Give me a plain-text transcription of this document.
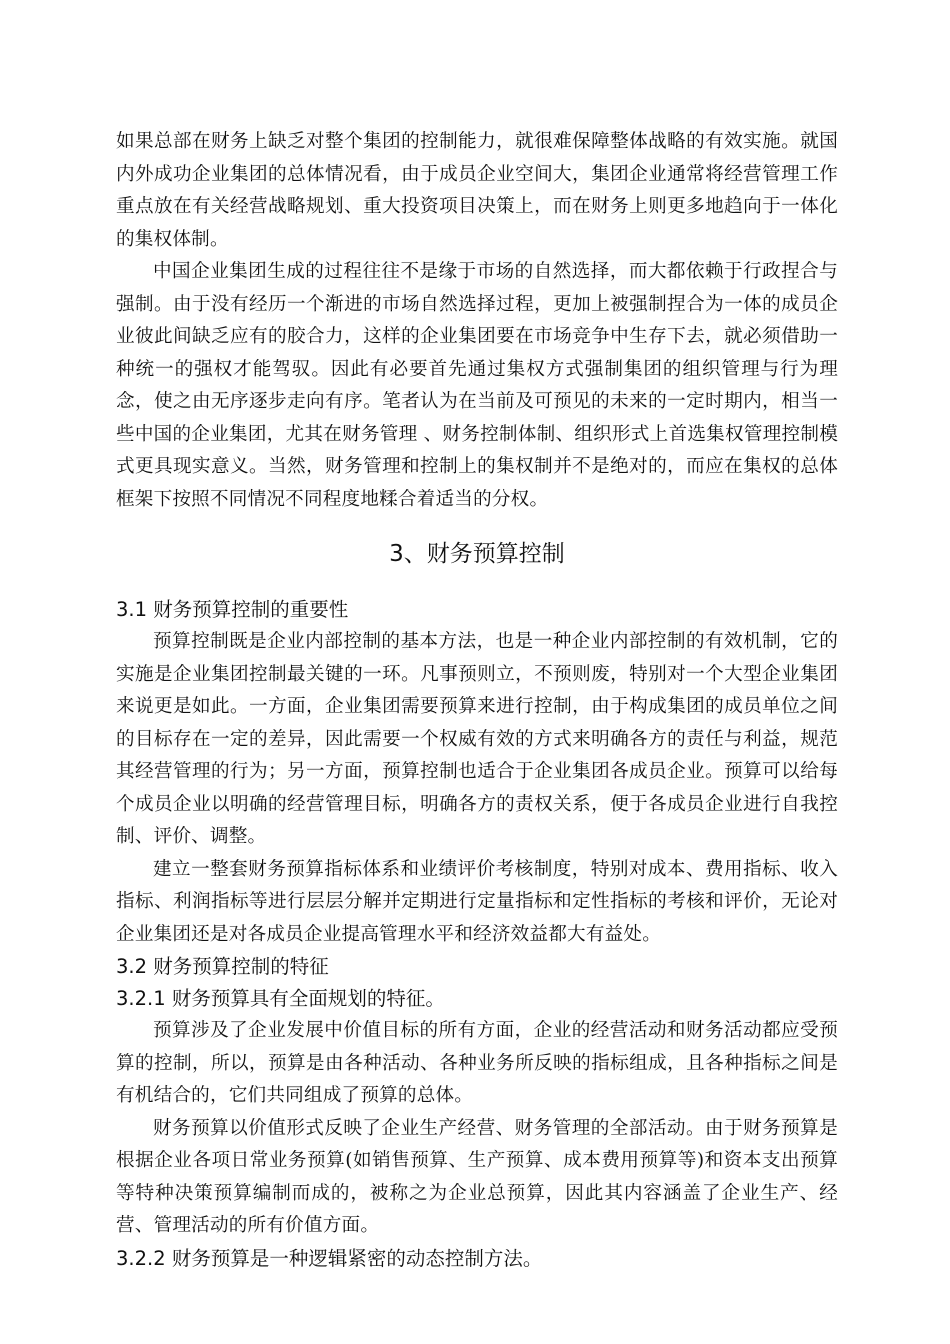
如果总部在财务上缺乏对整个集团的控制能力，就很难保障整体战略的有效实施。就国内外成功企业集团的总体情况看，由于成员企业空间大，集团企业通常将经营管理工作重点放在有关经营战略规划、重大投资项目决策上，而在财务上则更多地趋向于一体化的集权体制。

中国企业集团生成的过程往往不是缘于市场的自然选择，而大都依赖于行政捏合与强制。由于没有经历一个渐进的市场自然选择过程，更加上被强制捏合为一体的成员企业彼此间缺乏应有的胶合力，这样的企业集团要在市场竞争中生存下去，就必须借助一种统一的强权才能驾驭。因此有必要首先通过集权方式强制集团的组织管理与行为理念，使之由无序逐步走向有序。笔者认为在当前及可预见的未来的一定时期内，相当一些中国的企业集团，尤其在财务管理 、财务控制体制、组织形式上首选集权管理控制模式更具现实意义。当然，财务管理和控制上的集权制并不是绝对的，而应在集权的总体框架下按照不同情况不同程度地糅合着适当的分权。

3、财务预算控制
3.1 财务预算控制的重要性

预算控制既是企业内部控制的基本方法，也是一种企业内部控制的有效机制，它的实施是企业集团控制最关键的一环。凡事预则立，不预则废，特别对一个大型企业集团来说更是如此。一方面，企业集团需要预算来进行控制，由于构成集团的成员单位之间的目标存在一定的差异，因此需要一个权威有效的方式来明确各方的责任与利益，规范其经营管理的行为；另一方面，预算控制也适合于企业集团各成员企业。预算可以给每个成员企业以明确的经营管理目标，明确各方的责权关系，便于各成员企业进行自我控制、评价、调整。

建立一整套财务预算指标体系和业绩评价考核制度，特别对成本、费用指标、收入指标、利润指标等进行层层分解并定期进行定量指标和定性指标的考核和评价，无论对企业集团还是对各成员企业提高管理水平和经济效益都大有益处。

3.2 财务预算控制的特征
3.2.1 财务预算具有全面规划的特征。

预算涉及了企业发展中价值目标的所有方面，企业的经营活动和财务活动都应受预算的控制，所以，预算是由各种活动、各种业务所反映的指标组成，且各种指标之间是有机结合的，它们共同组成了预算的总体。

财务预算以价值形式反映了企业生产经营、财务管理的全部活动。由于财务预算是根据企业各项日常业务预算(如销售预算、生产预算、成本费用预算等)和资本支出预算等特种决策预算编制而成的，被称之为企业总预算，因此其内容涵盖了企业生产、经营、管理活动的所有价值方面。

3.2.2 财务预算是一种逻辑紧密的动态控制方法。
